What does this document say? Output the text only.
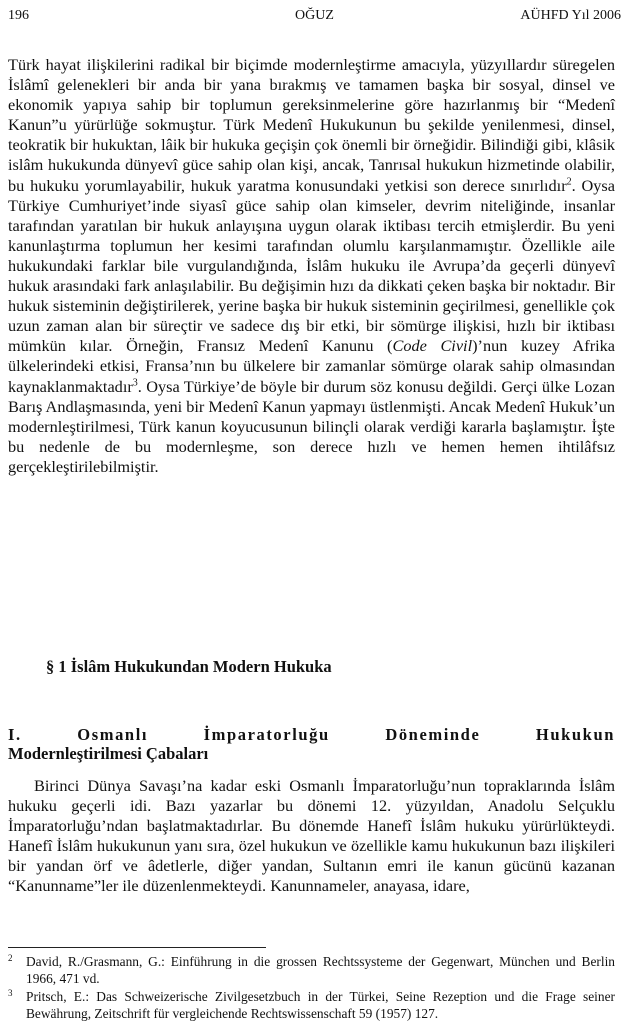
196	OĞUZ	AÜHFD Yıl 2006

Türk hayat ilişkilerini radikal bir biçimde modernleştirme amacıyla, yüzyıllardır süregelen İslâmî gelenekleri bir anda bir yana bırakmış ve tamamen başka bir sosyal, dinsel ve ekonomik yapıya sahip bir toplumun gereksinmelerine göre hazırlanmış bir “Medenî Kanun”u yürürlüğe sokmuştur. Türk Medenî Hukukunun bu şekilde yenilenmesi, dinsel, teokratik bir hukuktan, lâik bir hukuka geçişin çok önemli bir örneğidir. Bilindiği gibi, klâsik islâm hukukunda dünyevî güce sahip olan kişi, ancak, Tanrısal hukukun hizmetinde olabilir, bu hukuku yorumlayabilir, hukuk yaratma konusundaki yetkisi son derece sınırlıdır$^2$. Oysa Türkiye Cumhuriyet’inde siyasî güce sahip olan kimseler, devrim niteliğinde, insanlar tarafından yaratılan bir hukuk anlayışına uygun olarak iktibası tercih etmişlerdir. Bu yeni kanunlaştırma toplumun her kesimi tarafından olumlu karşılanmamıştır. Özellikle aile hukukundaki farklar bile vurgulandığında, İslâm hukuku ile Avrupa’da geçerli dünyevî hukuk arasındaki fark anlaşılabilir. Bu değişimin hızı da dikkati çeken başka bir noktadır. Bir hukuk sisteminin değiştirilerek, yerine başka bir hukuk sisteminin geçirilmesi, genellikle çok uzun zaman alan bir süreçtir ve sadece dış bir etki, bir sömürge ilişkisi, hızlı bir iktibası mümkün kılar. Örneğin, Fransız Medenî Kanunu (Code Civil)’nun kuzey Afrika ülkelerindeki etkisi, Fransa’nın bu ülkelere bir zamanlar sömürge olarak sahip olmasından kaynaklanmaktadır$^3$. Oysa Türkiye’de böyle bir durum söz konusu değildi. Gerçi ülke Lozan Barış Andlaşmasında, yeni bir Medenî Kanun yapmayı üstlenmişti. Ancak Medenî Hukuk’un modernleştirilmesi, Türk kanun koyucusunun bilinçli olarak verdiği kararla başlamıştır. İşte bu nedenle de bu modernleşme, son derece hızlı ve hemen hemen ihtilâfsız gerçekleştirilebilmiştir.

§ 1 İslâm Hukukundan Modern Hukuka
I. Osmanlı İmparatorluğu Döneminde Hukukun
Modernleştirilmesi Çabaları

Birinci Dünya Savaşı’na kadar eski Osmanlı İmparatorluğu’nun topraklarında İslâm hukuku geçerli idi. Bazı yazarlar bu dönemi 12. yüzyıldan, Anadolu Selçuklu İmparatorluğu’ndan başlatmaktadırlar. Bu dönemde Hanefî İslâm hukuku yürürlükteydi. Hanefî İslâm hukukunun yanı sıra, özel hukukun ve özellikle kamu hukukunun bazı ilişkileri bir yandan örf ve âdetlerle, diğer yandan, Sultanın emri ile kanun gücünü kazanan “Kanunname”ler ile düzenlenmekteydi. Kanunnameler, anayasa, idare,

2 David, R./Grasmann, G.: Einführung in die grossen Rechtssysteme der Gegenwart, München und Berlin 1966, 471 vd.
3 Pritsch, E.: Das Schweizerische Zivilgesetzbuch in der Türkei, Seine Rezeption und die Frage seiner Bewährung, Zeitschrift für vergleichende Rechtswissenschaft 59 (1957) 127.
